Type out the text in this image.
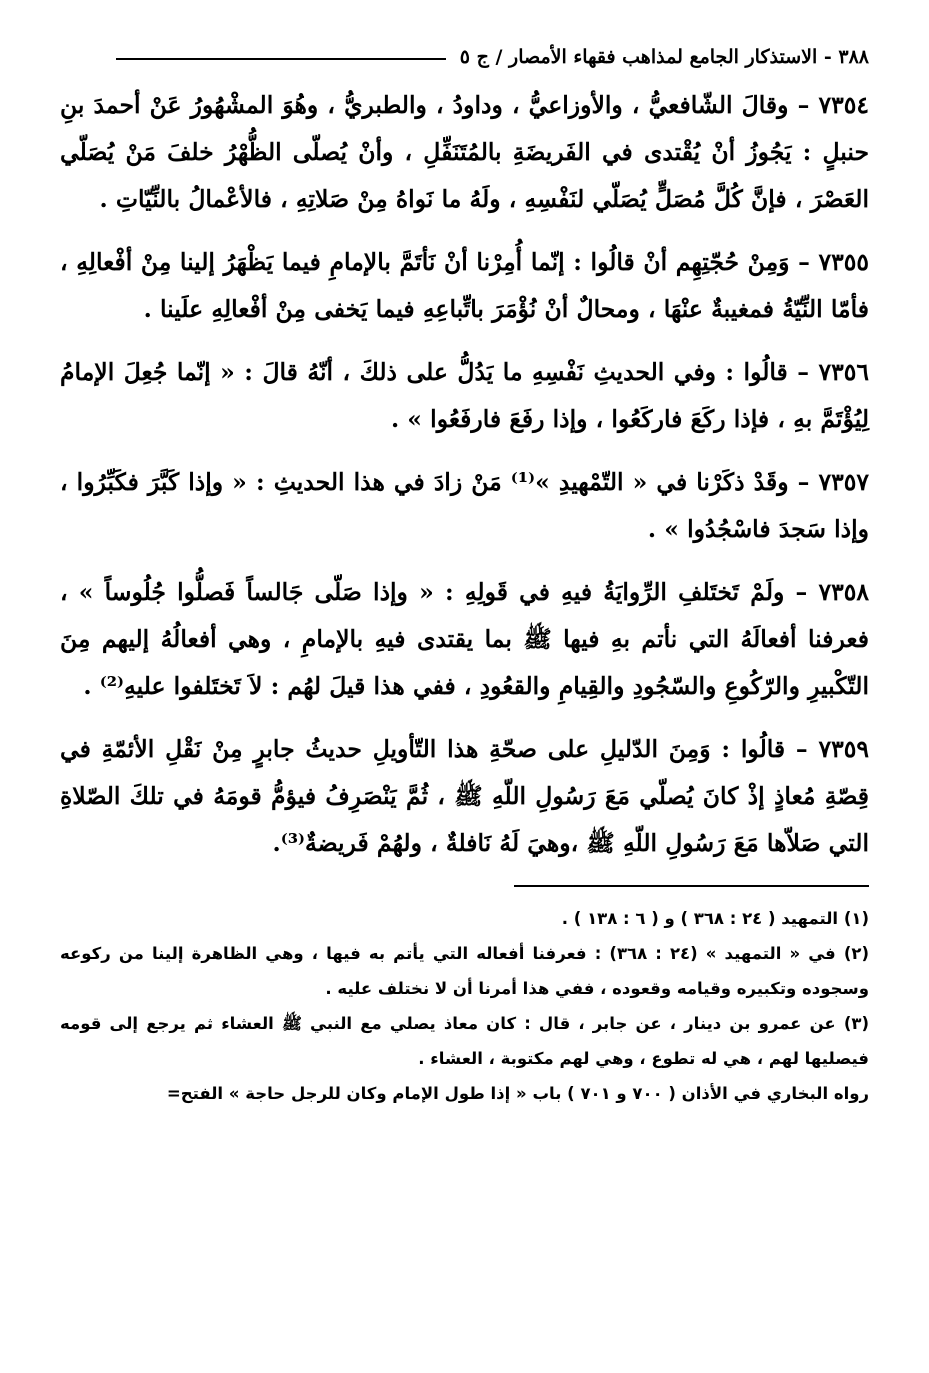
٣٨٨ - الاستذكار الجامع لمذاهب فقهاء الأمصار / ج ٥

٧٣٥٤ – وقالَ الشّافعيُّ ، والأوزاعيُّ ، وداودُ ، والطبريُّ ، وهُوَ المشْهُورُ عَنْ أحمدَ بنِ حنبلٍ : يَجُوزُ أنْ يُقْتدى في الفَريضَةِ بالمُتَنَفِّلِ ، وأنْ يُصلّى الظُّهْرُ خلفَ مَنْ يُصَلّي العَصْرَ ، فإنَّ كُلَّ مُصَلٍّ يُصَلّي لنَفْسِهِ ، ولَهُ ما نَواهُ مِنْ صَلاتِهِ ، فالأعْمالُ بالنِّيّاتِ .

٧٣٥٥ – وَمِنْ حُجّتِهِم أنْ قالُوا : إنّما أُمِرْنا أنْ نَأتَمَّ بالإمامِ فيما يَظْهَرُ إلينا مِنْ أفْعالِهِ ، فأمّا النِّيّةُ فمغيبةٌ عنْهَا ، ومحالٌ أنْ نُؤْمَرَ باتِّباعِهِ فيما يَخفى مِنْ أفْعالِهِ علَينا .

٧٣٥٦ – قالُوا : وفي الحديثِ نَفْسِهِ ما يَدُلُّ على ذلكَ ، أنّهُ قالَ : « إنّما جُعِلَ الإمامُ لِيُؤْتَمَّ بهِ ، فإذا ركَعَ فاركَعُوا ، وإذا رفَعَ فارفَعُوا » .

٧٣٥٧ – وقَدْ ذكَرْنا في « التّمْهيدِ »⁽¹⁾ مَنْ زادَ في هذا الحديثِ : « وإذا كَبَّرَ فكَبِّرُوا ، وإذا سَجدَ فاسْجُدُوا » .

٧٣٥٨ – ولَمْ تَختَلفِ الرِّوايَةُ فيهِ في قَولِهِ : « وإذا صَلّى جَالساً فَصلُّوا جُلُوساً » ، فعرفنا أفعالَهُ التي نأتم بهِ فيها ﷺ بما يقتدى فيهِ بالإمامِ ، وهي أفعالُهُ إليهم مِنَ التّكْبيرِ والرّكُوعِ والسّجُودِ والقِيامِ والقعُودِ ، ففي هذا قيلَ لهُم : لاَ تَختَلفوا عليهِ⁽²⁾ .

٧٣٥٩ – قالُوا : وَمِنَ الدّليلِ على صحّةِ هذا التّأويلِ حديثُ جابرٍ مِنْ نَقْلِ الأئمّةِ في قِصّةِ مُعاذٍ إذْ كانَ يُصلّي مَعَ رَسُولِ اللّهِ ﷺ ، ثُمَّ يَنْصَرِفُ فيؤمُّ قومَهُ في تلكَ الصّلاةِ التي صَلاّها مَعَ رَسُولِ اللّهِ ﷺ ،وهيَ لَهُ نَافلةٌ ، ولهُمْ فَريضةٌ⁽³⁾.

(١) التمهيد ( ٢٤ : ٣٦٨ ) و ( ٦ : ١٣٨ ) .

(٢) في « التمهيد » (٢٤ : ٣٦٨) : فعرفنا أفعاله التي يأتم به فيها ، وهي الظاهرة إلينا من ركوعه وسجوده وتكبيره وقيامه وقعوده ، ففي هذا أمرنا أن لا نختلف عليه .

(٣) عن عمرو بن دينار ، عن جابر ، قال : كان معاذ يصلي مع النبي ﷺ العشاء ثم يرجع إلى قومه فيصليها لهم ، هي له تطوع ، وهي لهم مكتوبة ، العشاء .

رواه البخاري في الأذان ( ٧٠٠ و ٧٠١ ) باب « إذا طول الإمام وكان للرجل حاجة » الفتح=
